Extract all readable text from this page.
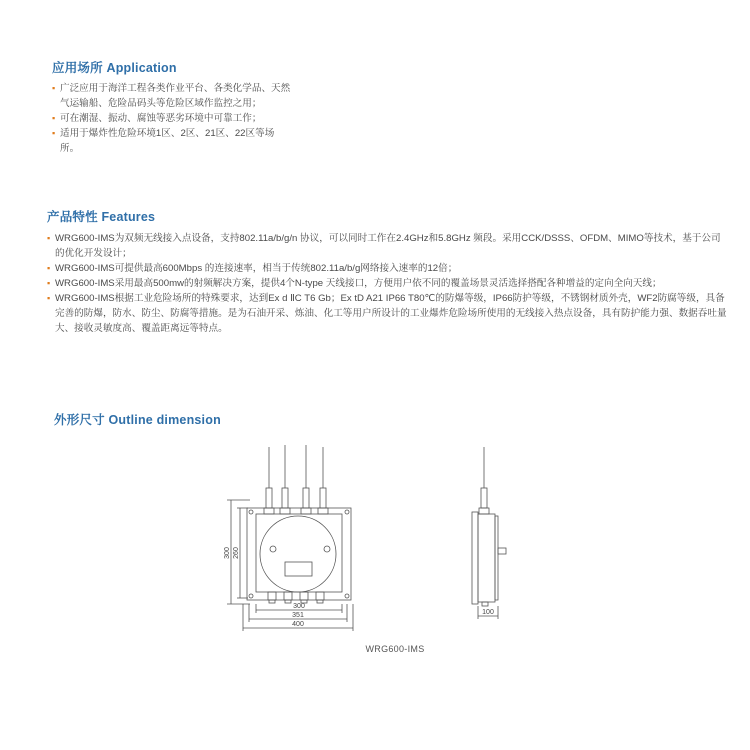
应用场所 Application
▪ 广泛应用于海洋工程各类作业平台、各类化学品、天然气运输船、危险品码头等危险区域作监控之用；
▪ 可在潮湿、振动、腐蚀等恶劣环境中可靠工作；
▪ 适用于爆炸性危险环境1区、2区、21区、22区等场所。
产品特性 Features
▪ WRG600-IMS为双频无线接入点设备，支持802.11a/b/g/n 协议，可以同时工作在2.4GHz和5.8GHz 频段。采用CCK/DSSS、OFDM、MIMO等技术，基于公司的优化开发设计；
▪ WRG600-IMS可提供最高600Mbps 的连接速率，相当于传统802.11a/b/g网络接入速率的12倍；
▪ WRG600-IMS采用最高500mw的射频解决方案，提供4个N-type 天线接口，方便用户依不同的覆盖场景灵活选择搭配各种增益的定向全向天线；
▪ WRG600-IMS根据工业危险场所的特殊要求，达到Ex d ⅡC T6 Gb；Ex tD A21 IP66 T80℃的防爆等级，IP66防护等级，不锈钢材质外壳，WF2防腐等级，具备完善的防爆，防水、防尘、防腐等措施。是为石油开采、炼油、化工等用户所设计的工业爆炸危险场所使用的无线接入热点设备，具有防护能力强、数据吞吐量大、接收灵敏度高、覆盖距离远等特点。
外形尺寸 Outline dimension
300 260
300
351
400
100
WRG600-IMS
